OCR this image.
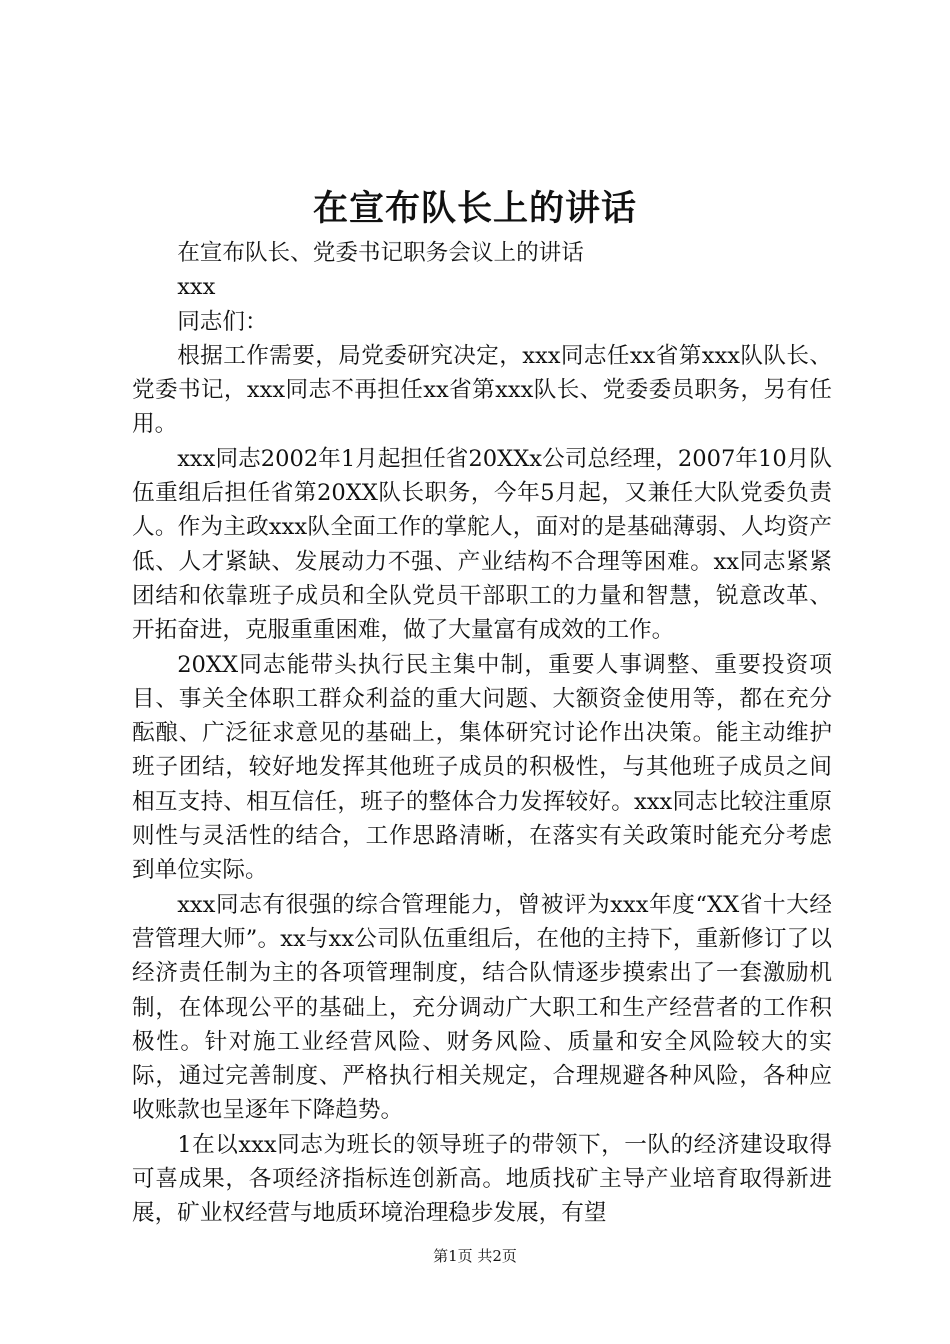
在宣布队长上的讲话

在宣布队长、党委书记职务会议上的讲话

xxx

同志们：

根据工作需要，局党委研究决定，xxx同志任xx省第xxx队队长、党委书记，xxx同志不再担任xx省第xxx队长、党委委员职务，另有任用。

xxx同志2002年1月起担任省20XXx公司总经理，2007年10月队伍重组后担任省第20XX队长职务，今年5月起，又兼任大队党委负责人。作为主政xxx队全面工作的掌舵人，面对的是基础薄弱、人均资产低、人才紧缺、发展动力不强、产业结构不合理等困难。xx同志紧紧团结和依靠班子成员和全队党员干部职工的力量和智慧，锐意改革、开拓奋进，克服重重困难，做了大量富有成效的工作。

20XX同志能带头执行民主集中制，重要人事调整、重要投资项目、事关全体职工群众利益的重大问题、大额资金使用等，都在充分酝酿、广泛征求意见的基础上，集体研究讨论作出决策。能主动维护班子团结，较好地发挥其他班子成员的积极性，与其他班子成员之间相互支持、相互信任，班子的整体合力发挥较好。xxx同志比较注重原则性与灵活性的结合，工作思路清晰，在落实有关政策时能充分考虑到单位实际。

xxx同志有很强的综合管理能力，曾被评为xxx年度“XX省十大经营管理大师”。xx与xx公司队伍重组后，在他的主持下，重新修订了以经济责任制为主的各项管理制度，结合队情逐步摸索出了一套激励机制，在体现公平的基础上，充分调动广大职工和生产经营者的工作积极性。针对施工业经营风险、财务风险、质量和安全风险较大的实际，通过完善制度、严格执行相关规定，合理规避各种风险，各种应收账款也呈逐年下降趋势。

1在以xxx同志为班长的领导班子的带领下，一队的经济建设取得可喜成果，各项经济指标连创新高。地质找矿主导产业培育取得新进展，矿业权经营与地质环境治理稳步发展，有望

第1页 共2页
